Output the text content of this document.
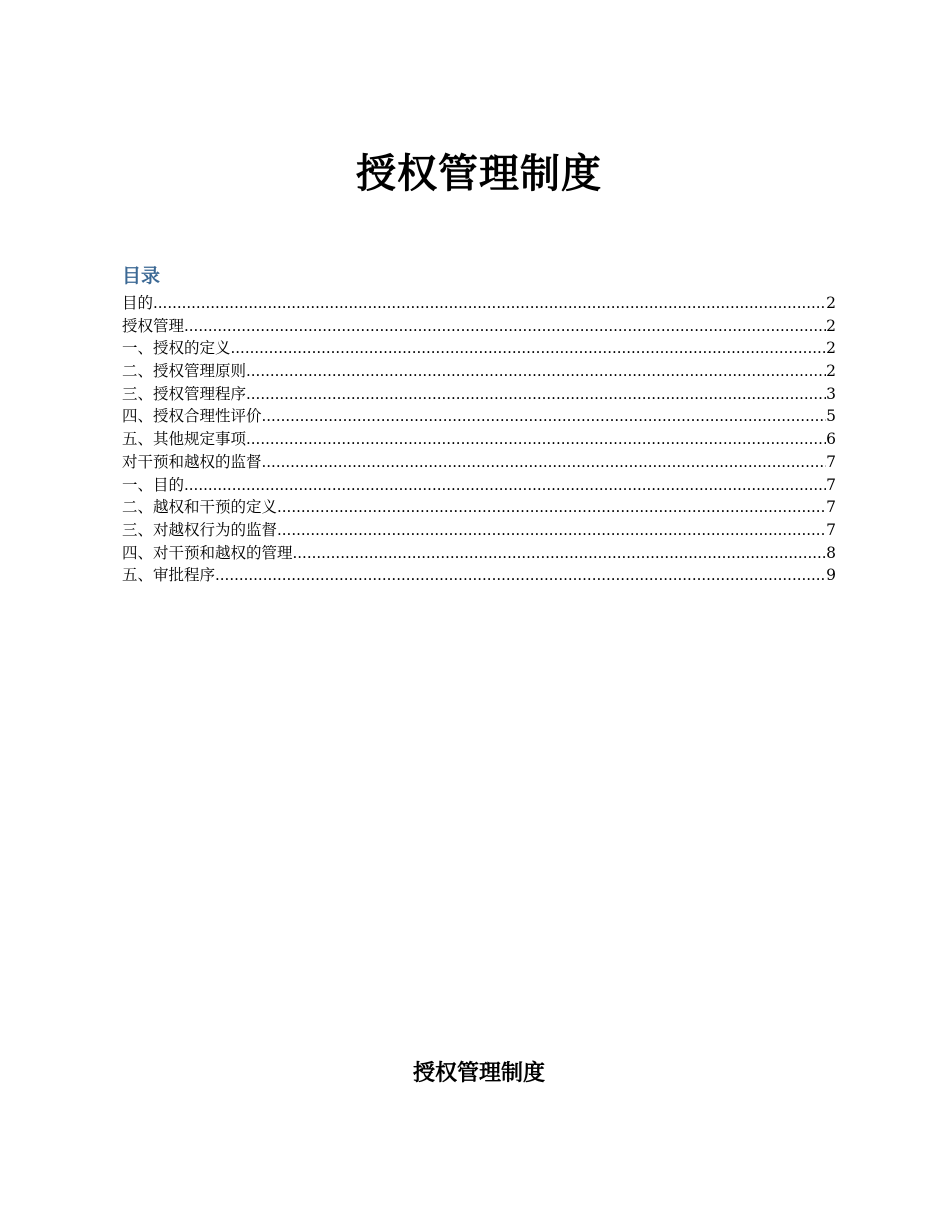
授权管理制度
目录
目的 .....	2
授权管理 .....	2
一、授权的定义 .....	2
二、授权管理原则 .....	2
三、授权管理程序 .....	3
四、授权合理性评价 .....	5
五、其他规定事项 .....	6
对干预和越权的监督 .....	7
一、目的 .....	7
二、越权和干预的定义 .....	7
三、对越权行为的监督 .....	7
四、对干预和越权的管理 .....	8
五、审批程序 .....	9
授权管理制度
